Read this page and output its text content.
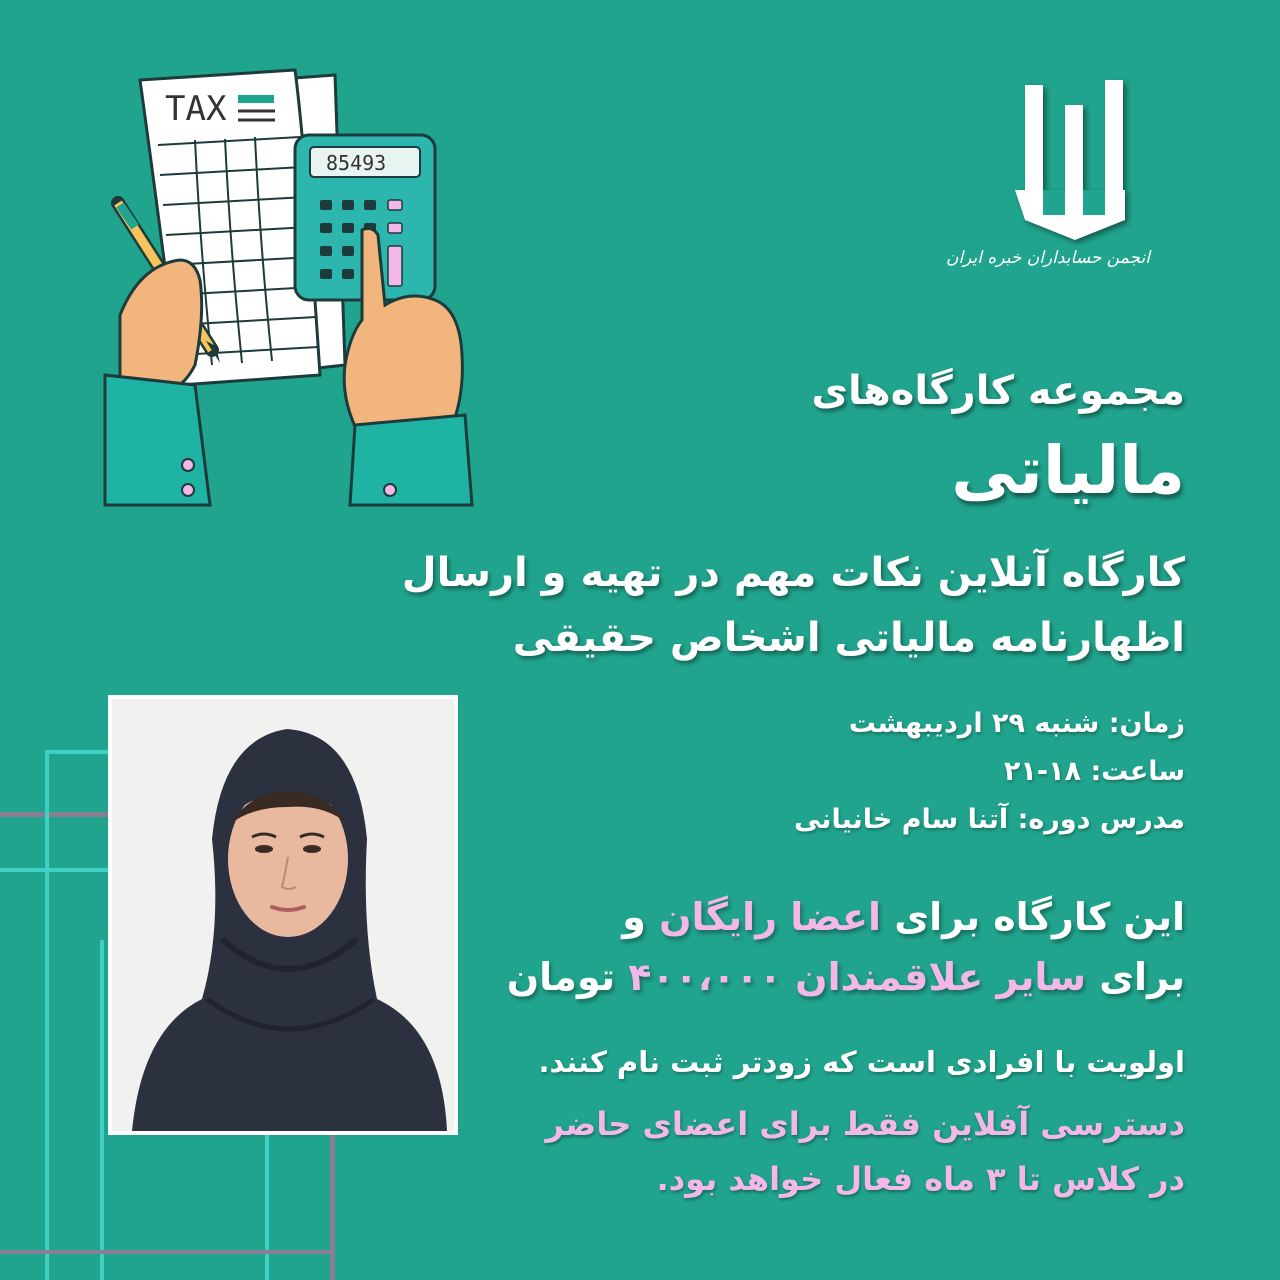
TAX
85493
انجمن حسابداران خبره ایران
مجموعه کارگاه‌های
مالیاتی
کارگاه آنلاین نکات مهم در تهیه و ارسال
اظهارنامه مالیاتی اشخاص حقیقی
زمان: شنبه ۲۹ اردیبهشت
ساعت: ۱۸-۲۱
مدرس دوره: آتنا سام خانیانی
این کارگاه برای اعضا رایگان و
برای سایر علاقمندان ۴۰۰،۰۰۰ تومان
اولویت با افرادی است که زودتر ثبت نام کنند.
دسترسی آفلاین فقط برای اعضای حاضر
در کلاس تا ۳ ماه فعال خواهد بود.
